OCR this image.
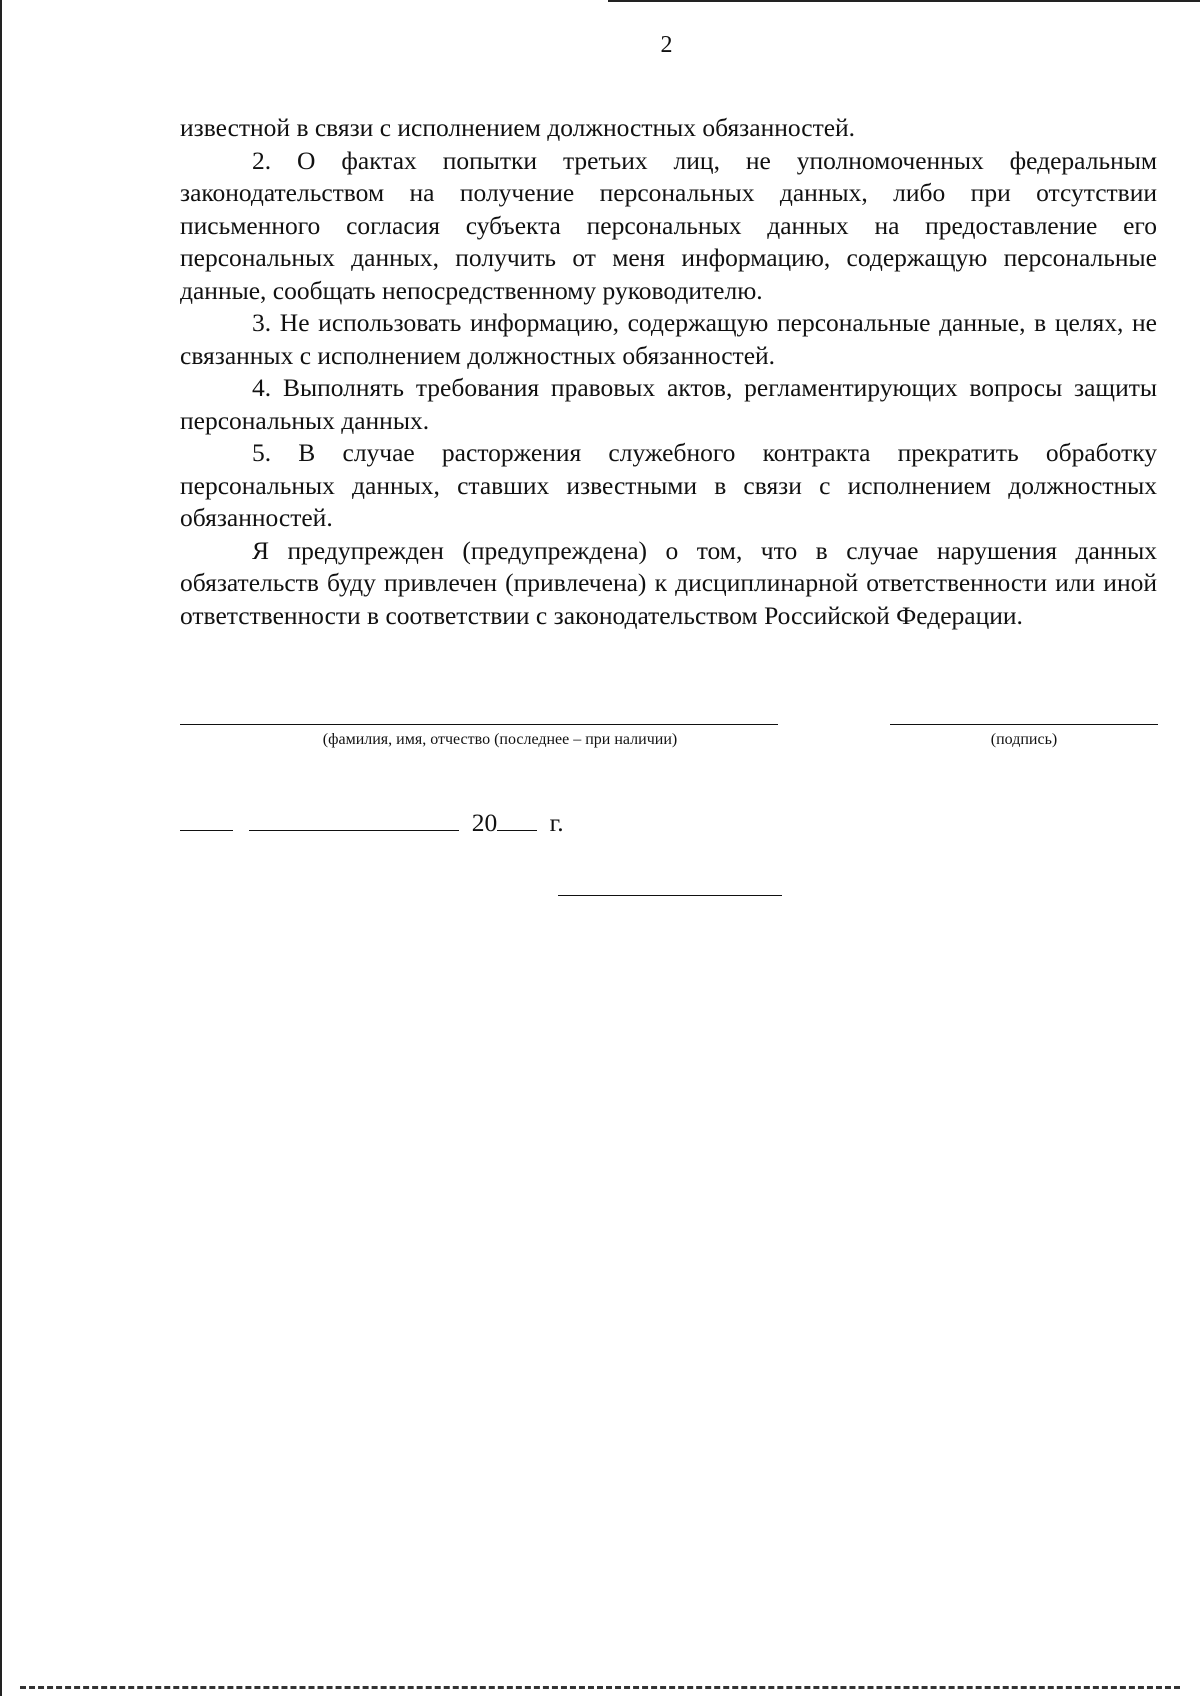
2

известной в связи с исполнением должностных обязанностей.

2. О фактах попытки третьих лиц, не уполномоченных федеральным законодательством на получение персональных данных, либо при отсутствии письменного согласия субъекта персональных данных на предоставление его персональных данных, получить от меня информацию, содержащую персональные данные, сообщать непосредственному руководителю.

3. Не использовать информацию, содержащую персональные данные, в целях, не связанных с исполнением должностных обязанностей.

4. Выполнять требования правовых актов, регламентирующих вопросы защиты персональных данных.

5. В случае расторжения служебного контракта прекратить обработку персональных данных, ставших известными в связи с исполнением должностных обязанностей.

Я предупрежден (предупреждена) о том, что в случае нарушения данных обязательств буду привлечен (привлечена) к дисциплинарной ответственности или иной ответственности в соответствии с законодательством Российской Федерации.

(фамилия, имя, отчество (последнее – при наличии)	(подпись)
20 г.
